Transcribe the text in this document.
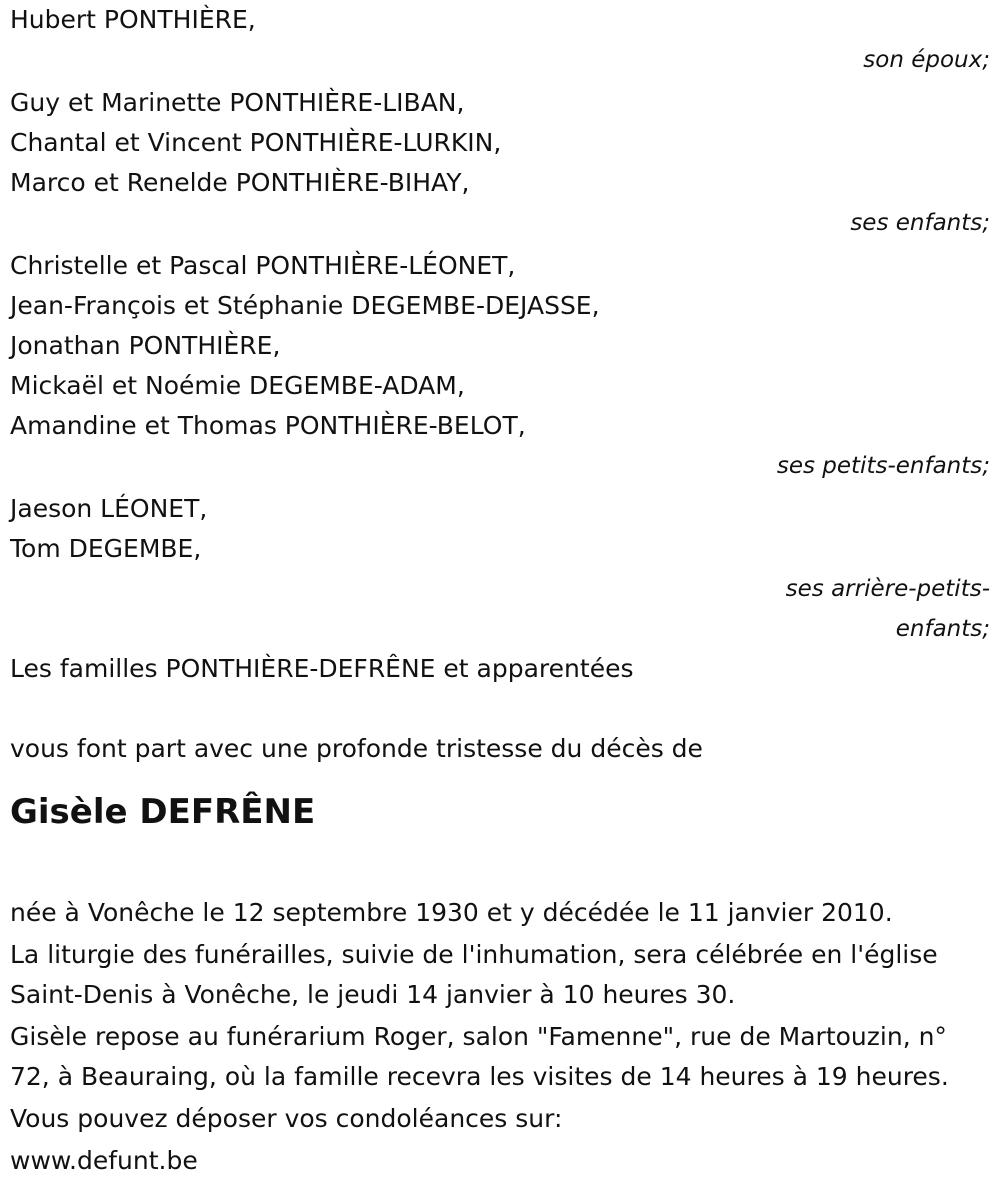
Hubert PONTHIÈRE,
son époux;
Guy et Marinette PONTHIÈRE-LIBAN,
Chantal et Vincent PONTHIÈRE-LURKIN,
Marco et Renelde PONTHIÈRE-BIHAY,
ses enfants;
Christelle et Pascal PONTHIÈRE-LÉONET,
Jean-François et Stéphanie DEGEMBE-DEJASSE,
Jonathan PONTHIÈRE,
Mickaël et Noémie DEGEMBE-ADAM,
Amandine et Thomas PONTHIÈRE-BELOT,
ses petits-enfants;
Jaeson LÉONET,
Tom DEGEMBE,
ses arrière-petits-
enfants;
Les familles PONTHIÈRE-DEFRÊNE et apparentées
vous font part avec une profonde tristesse du décès de
Gisèle DEFRÊNE
née à Vonêche le 12 septembre 1930 et y décédée le 11 janvier 2010.
La liturgie des funérailles, suivie de l'inhumation, sera célébrée en l'église Saint-Denis à Vonêche, le jeudi 14 janvier à 10 heures 30.
Gisèle repose au funérarium Roger, salon "Famenne", rue de Martouzin, n° 72, à Beauraing, où la famille recevra les visites de 14 heures à 19 heures.
Vous pouvez déposer vos condoléances sur:
www.defunt.be
